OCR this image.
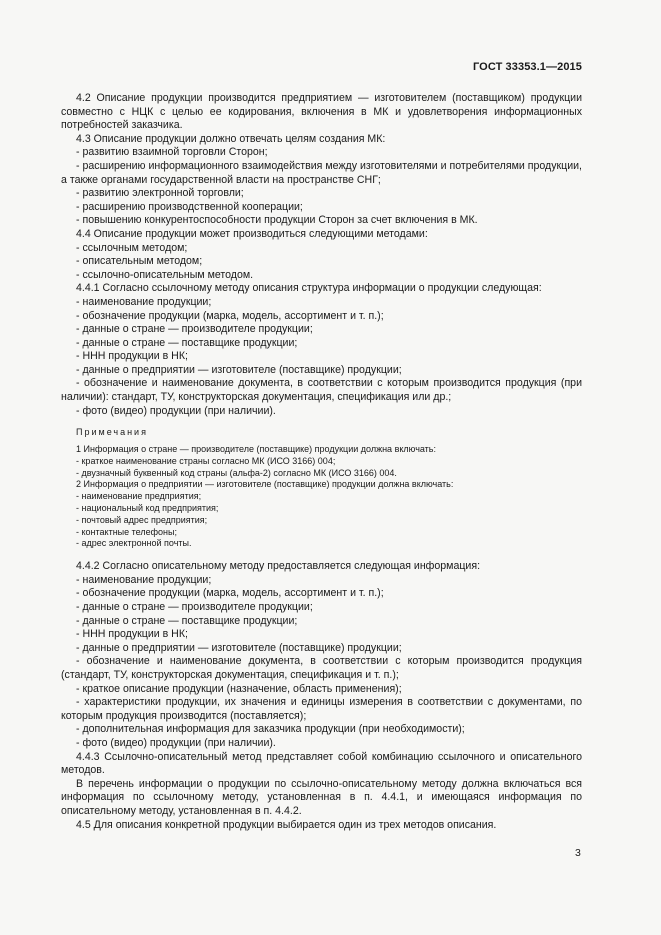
ГОСТ 33353.1—2015
4.2 Описание продукции производится предприятием — изготовителем (поставщиком) продукции совместно с НЦК с целью ее кодирования, включения в МК и удовлетворения информационных потребностей заказчика.
4.3 Описание продукции должно отвечать целям создания МК:
- развитию взаимной торговли Сторон;
- расширению информационного взаимодействия между изготовителями и потребителями продукции, а также органами государственной власти на пространстве СНГ;
- развитию электронной торговли;
- расширению производственной кооперации;
- повышению конкурентоспособности продукции Сторон за счет включения в МК.
4.4 Описание продукции может производиться следующими методами:
- ссылочным методом;
- описательным методом;
- ссылочно-описательным методом.
4.4.1 Согласно ссылочному методу описания структура информации о продукции следующая:
- наименование продукции;
- обозначение продукции (марка, модель, ассортимент и т. п.);
- данные о стране — производителе продукции;
- данные о стране — поставщике продукции;
- ННН продукции в НК;
- данные о предприятии — изготовителе (поставщике) продукции;
- обозначение и наименование документа, в соответствии с которым производится продукция (при наличии): стандарт, ТУ, конструкторская документация, спецификация или др.;
- фото (видео) продукции (при наличии).
Примечания
1 Информация о стране — производителе (поставщике) продукции должна включать:
- краткое наименование страны согласно МК (ИСО 3166) 004;
- двузначный буквенный код страны (альфа-2) согласно МК (ИСО 3166) 004.
2 Информация о предприятии — изготовителе (поставщике) продукции должна включать:
- наименование предприятия;
- национальный код предприятия;
- почтовый адрес предприятия;
- контактные телефоны;
- адрес электронной почты.
4.4.2 Согласно описательному методу предоставляется следующая информация:
- наименование продукции;
- обозначение продукции (марка, модель, ассортимент и т. п.);
- данные о стране — производителе продукции;
- данные о стране — поставщике продукции;
- ННН продукции в НК;
- данные о предприятии — изготовителе (поставщике) продукции;
- обозначение и наименование документа, в соответствии с которым производится продукция (стандарт, ТУ, конструкторская документация, спецификация и т. п.);
- краткое описание продукции (назначение, область применения);
- характеристики продукции, их значения и единицы измерения в соответствии с документами, по которым продукция производится (поставляется);
- дополнительная информация для заказчика продукции (при необходимости);
- фото (видео) продукции (при наличии).
4.4.3 Ссылочно-описательный метод представляет собой комбинацию ссылочного и описательного методов.
В перечень информации о продукции по ссылочно-описательному методу должна включаться вся информация по ссылочному методу, установленная в п. 4.4.1, и имеющаяся информация по описательному методу, установленная в п. 4.4.2.
4.5 Для описания конкретной продукции выбирается один из трех методов описания.
3
